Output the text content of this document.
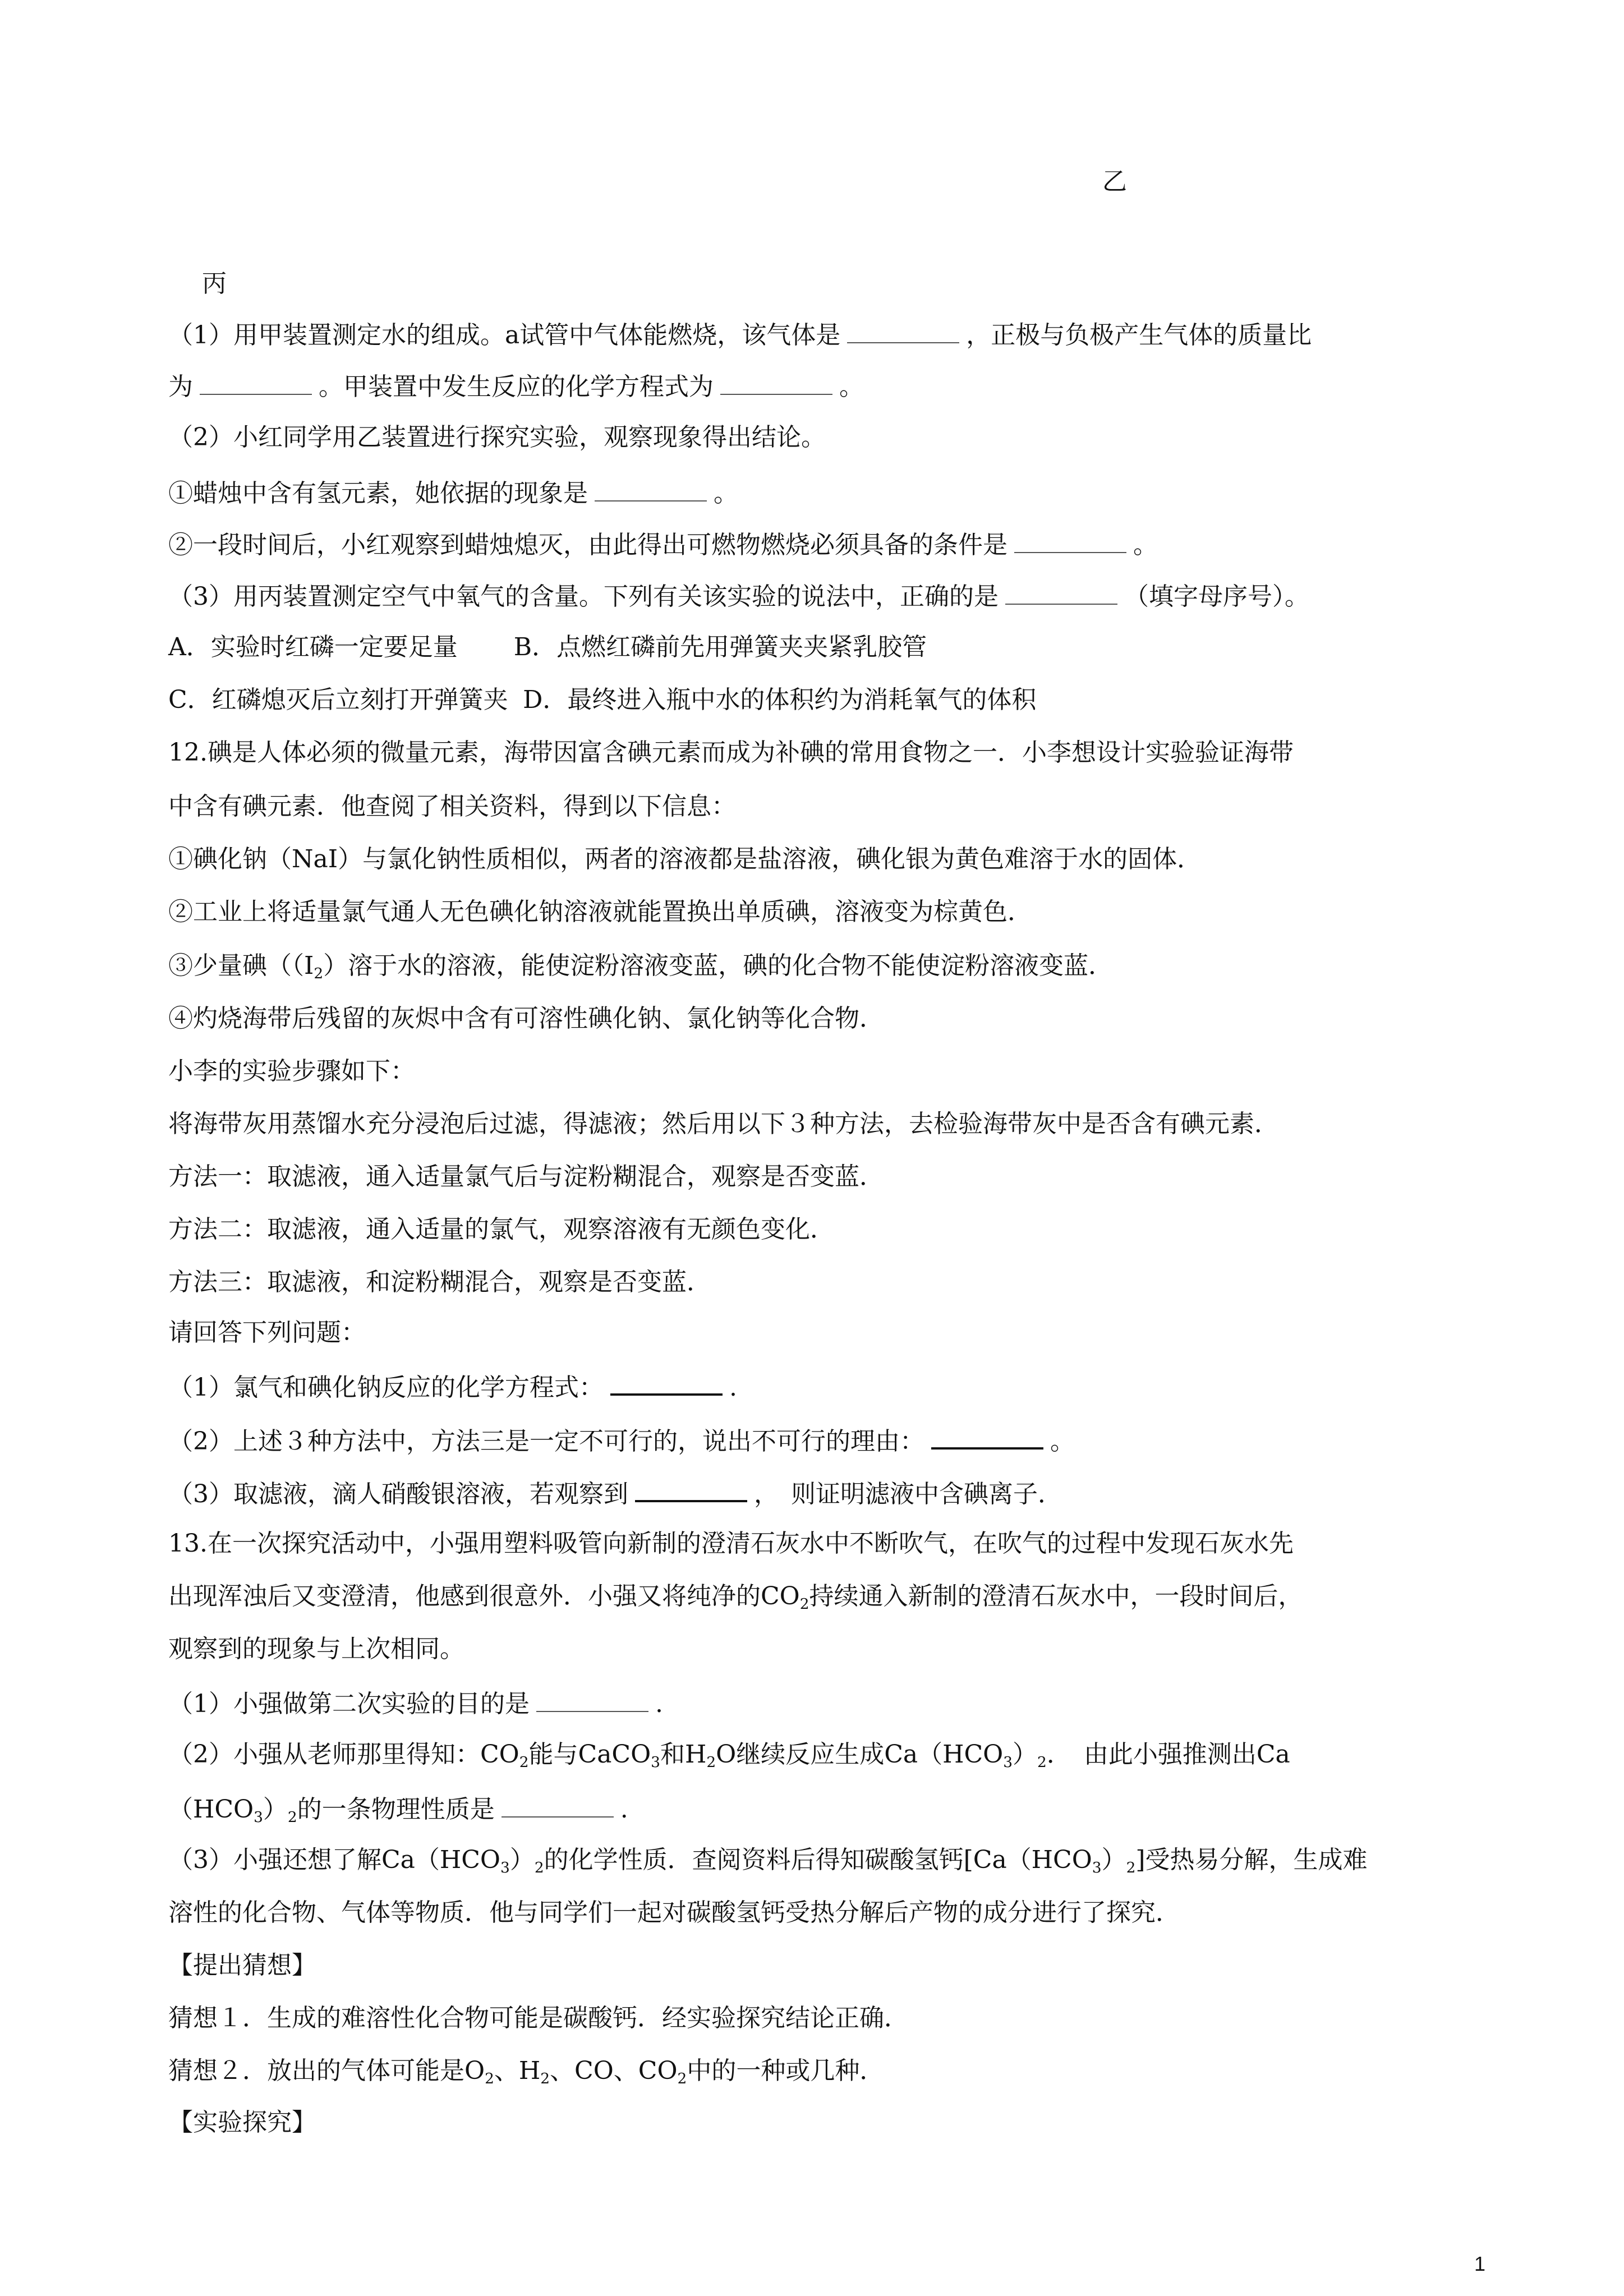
乙

丙

（1）用甲装置测定水的组成。a试管中气体能燃烧，该气体是	，正极与负极产生气体的质量比

为	。甲装置中发生反应的化学方程式为	。

（2）小红同学用乙装置进行探究实验，观察现象得出结论。

①蜡烛中含有氢元素，她依据的现象是	。

②一段时间后，小红观察到蜡烛熄灭，由此得出可燃物燃烧必须具备的条件是	。

（3）用丙装置测定空气中氧气的含量。下列有关该实验的说法中，正确的是	（填字母序号）。

A．实验时红磷一定要足量 B．点燃红磷前先用弹簧夹夹紧乳胶管

C．红磷熄灭后立刻打开弹簧夹 D．最终进入瓶中水的体积约为消耗氧气的体积

12.碘是人体必须的微量元素，海带因富含碘元素而成为补碘的常用食物之一．小李想设计实验验证海带

中含有碘元素．他查阅了相关资料，得到以下信息：

①碘化钠（NaI）与氯化钠性质相似，两者的溶液都是盐溶液，碘化银为黄色难溶于水的固体．

②工业上将适量氯气通人无色碘化钠溶液就能置换出单质碘，溶液变为棕黄色．

③少量碘（$(I_2)$溶于水的溶液，能使淀粉溶液变蓝，碘的化合物不能使淀粉溶液变蓝．

④灼烧海带后残留的灰烬中含有可溶性碘化钠、氯化钠等化合物．

小李的实验步骤如下：

将海带灰用蒸馏水充分浸泡后过滤，得滤液；然后用以下３种方法，去检验海带灰中是否含有碘元素．

方法一：取滤液，通入适量氯气后与淀粉糊混合，观察是否变蓝．

方法二：取滤液，通入适量的氯气，观察溶液有无颜色变化．

方法三：取滤液，和淀粉糊混合，观察是否变蓝．

请回答下列问题：

（1）氯气和碘化钠反应的化学方程式：	.

（2）上述３种方法中，方法三是一定不可行的，说出不可行的理由：	。

（3）取滤液，滴人硝酸银溶液，若观察到	，　则证明滤液中含碘离子．

13.在一次探究活动中，小强用塑料吸管向新制的澄清石灰水中不断吹气，在吹气的过程中发现石灰水先

出现浑浊后又变澄清，他感到很意外．小强又将纯净的$CO_2$持续通入新制的澄清石灰水中，一段时间后，

观察到的现象与上次相同。

（1）小强做第二次实验的目的是	.

（2）小强从老师那里得知：$CO_2$能与CaCO$_3$和$H_2O$继续反应生成$Ca(HCO_3)_2$．　由此小强推测出Ca

$(HCO_3)_2$的一条物理性质是	.

（3）小强还想了解$Ca(HCO_3)_2$的化学性质．查阅资料后得知碳酸氢钙$[Ca(HCO_3)_2]$受热易分解，生成难

溶性的化合物、气体等物质．他与同学们一起对碳酸氢钙受热分解后产物的成分进行了探究．

【提出猜想】

猜想１．生成的难溶性化合物可能是碳酸钙．经实验探究结论正确．

猜想２．放出的气体可能是$O_2$、$H_2$、CO、$CO_2$中的一种或几种．

【实验探究】

1
